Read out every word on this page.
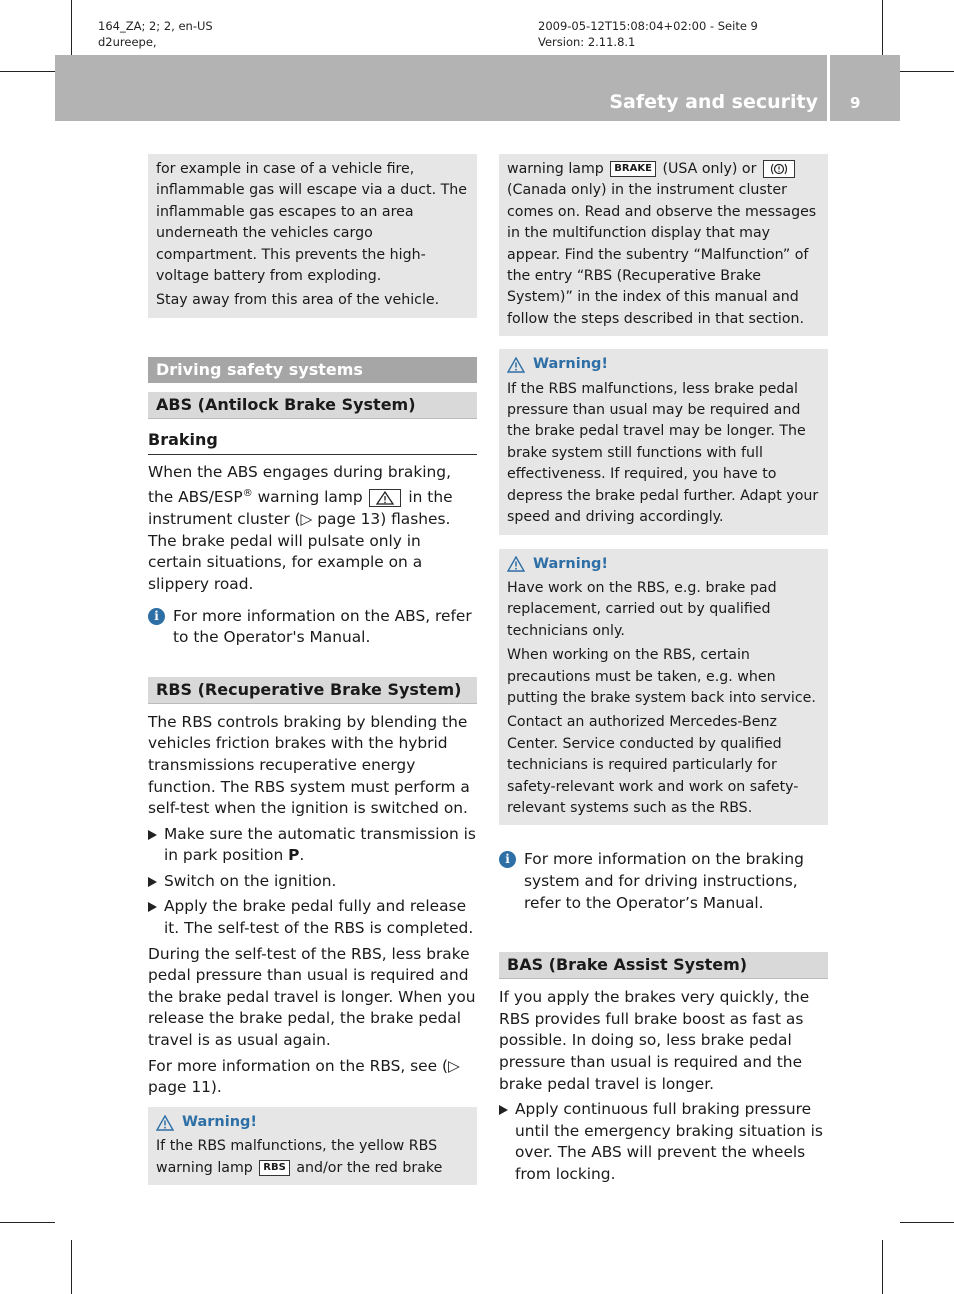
164_ZA; 2; 2, en-US
d2ureepe,
2009-05-12T15:08:04+02:00 - Seite 9
Version: 2.11.8.1
Safety and security 9

for example in case of a vehicle fire, inflammable gas will escape via a duct. The inflammable gas escapes to an area underneath the vehicles cargo compartment. This prevents the high-voltage battery from exploding.

Stay away from this area of the vehicle.

Driving safety systems
ABS (Antilock Brake System)
Braking

When the ABS engages during braking, the ABS/ESP® warning lamp  in the instrument cluster (▷ page 13) flashes. The brake pedal will pulsate only in certain situations, for example on a slippery road.

i For more information on the ABS, refer to the Operator's Manual.
RBS (Recuperative Brake System)

The RBS controls braking by blending the vehicles friction brakes with the hybrid transmissions recuperative energy function. The RBS system must perform a self-test when the ignition is switched on.

Make sure the automatic transmission is in park position P.
Switch on the ignition.
Apply the brake pedal fully and release it. The self-test of the RBS is completed.

During the self-test of the RBS, less brake pedal pressure than usual is required and the brake pedal travel is longer. When you release the brake pedal, the brake pedal travel is as usual again.

For more information on the RBS, see (▷ page 11).

Warning!

If the RBS malfunctions, the yellow RBS warning lamp RBS and/or the red brake

warning lamp BRAKE (USA only) or  (Canada only) in the instrument cluster comes on. Read and observe the messages in the multifunction display that may appear. Find the subentry “Malfunction” of the entry “RBS (Recuperative Brake System)” in the index of this manual and follow the steps described in that section.

Warning!

If the RBS malfunctions, less brake pedal pressure than usual may be required and the brake pedal travel may be longer. The brake system still functions with full effectiveness. If required, you have to depress the brake pedal further. Adapt your speed and driving accordingly.

Warning!

Have work on the RBS, e.g. brake pad replacement, carried out by qualified technicians only.

When working on the RBS, certain precautions must be taken, e.g. when putting the brake system back into service.

Contact an authorized Mercedes-Benz Center. Service conducted by qualified technicians is required particularly for safety-relevant work and work on safety-relevant systems such as the RBS.

i For more information on the braking system and for driving instructions, refer to the Operator’s Manual.
BAS (Brake Assist System)

If you apply the brakes very quickly, the RBS provides full brake boost as fast as possible. In doing so, less brake pedal pressure than usual is required and the brake pedal travel is longer.

Apply continuous full braking pressure until the emergency braking situation is over. The ABS will prevent the wheels from locking.
